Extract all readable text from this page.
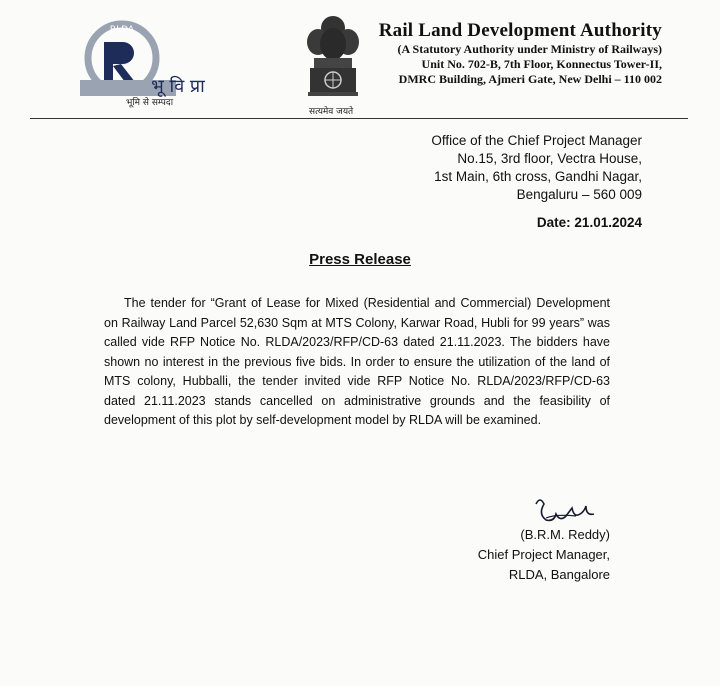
RLDA
भू वि प्रा
भूमि से सम्पदा
सत्यमेव जयते
Rail Land Development Authority
(A Statutory Authority under Ministry of Railways)
Unit No. 702-B, 7th Floor, Konnectus Tower-II,
DMRC Building, Ajmeri Gate, New Delhi – 110 002
Office of the Chief Project Manager
No.15, 3rd floor, Vectra House,
1st Main, 6th cross, Gandhi Nagar,
Bengaluru – 560 009
Date: 21.01.2024
Press Release
The tender for “Grant of Lease for Mixed (Residential and Commercial) Development on Railway Land Parcel 52,630 Sqm at MTS Colony, Karwar Road, Hubli for 99 years” was called vide RFP Notice No. RLDA/2023/RFP/CD-63 dated 21.11.2023. The bidders have shown no interest in the previous five bids. In order to ensure the utilization of the land of MTS colony, Hubballi, the tender invited vide RFP Notice No. RLDA/2023/RFP/CD-63 dated 21.11.2023 stands cancelled on administrative grounds and the feasibility of development of this plot by self-development model by RLDA will be examined.
(B.R.M. Reddy)
Chief Project Manager,
RLDA, Bangalore
